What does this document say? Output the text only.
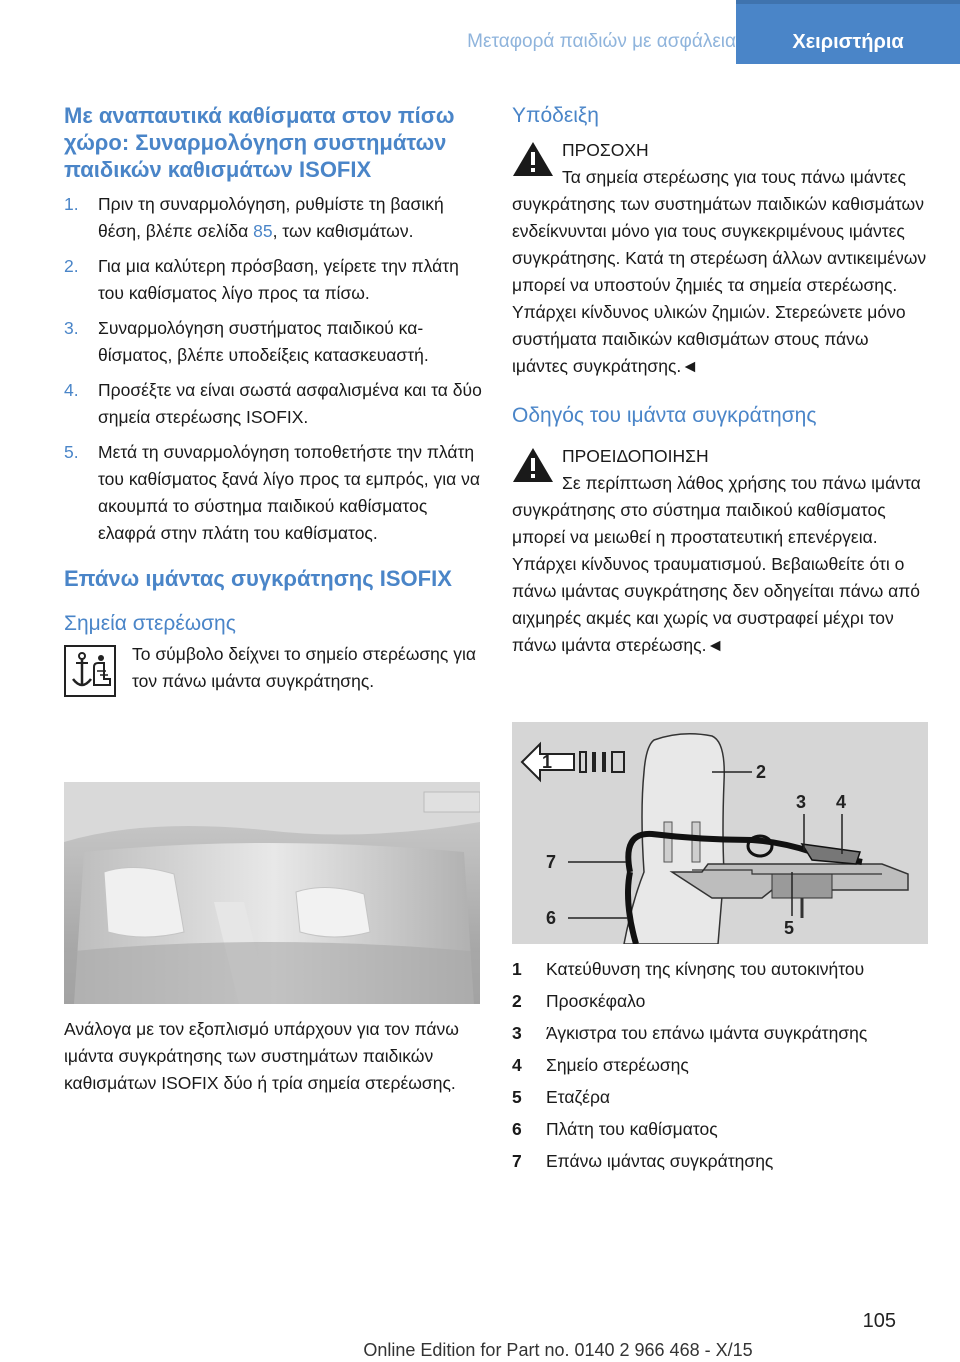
Μεταφορά παιδιών με ασφάλεια	Χειριστήρια
Με αναπαυτικά καθίσματα στον πίσω χώρο: Συναρμολόγηση συστημάτων παιδικών καθισμάτων ISOFIX
1. Πριν τη συναρμολόγηση, ρυθμίστε τη βασική θέση, βλέπε σελίδα 85, των καθισμάτων.
2. Για μια καλύτερη πρόσβαση, γείρετε την πλάτη του καθίσματος λίγο προς τα πίσω.
3. Συναρμολόγηση συστήματος παιδικού καθίσματος, βλέπε υποδείξεις κατασκευαστή.
4. Προσέξτε να είναι σωστά ασφαλισμένα και τα δύο σημεία στερέωσης ISOFIX.
5. Μετά τη συναρμολόγηση τοποθετήστε την πλάτη του καθίσματος ξανά λίγο προς τα εμπρός, για να ακουμπά το σύστημα παιδικού καθίσματος ελαφρά στην πλάτη του καθίσματος.
Επάνω ιμάντας συγκράτησης ISOFIX
Σημεία στερέωσης
Το σύμβολο δείχνει το σημείο στερέωσης για τον πάνω ιμάντα συγκράτησης.

Ανάλογα με τον εξοπλισμό υπάρχουν για τον πάνω ιμάντα συγκράτησης των συστημάτων παιδικών καθισμάτων ISOFIX δύο ή τρία σημεία στερέωσης.

Υπόδειξη
ΠΡΟΣΟΧΗ
Τα σημεία στερέωσης για τους πάνω ιμάντες συγκράτησης των συστημάτων παιδικών καθισμάτων ενδείκνυνται μόνο για τους συγκεκριμένους ιμάντες συγκράτησης. Κατά τη στερέωση άλλων αντικειμένων μπορεί να υποστούν ζημιές τα σημεία στερέωσης. Υπάρχει κίνδυνος υλικών ζημιών. Στερεώνετε μόνο συστήματα παιδικών καθισμάτων στους πάνω ιμάντες συγκράτησης.◄
Οδηγός του ιμάντα συγκράτησης
ΠΡΟΕΙΔΟΠΟΙΗΣΗ
Σε περίπτωση λάθος χρήσης του πάνω ιμάντα συγκράτησης στο σύστημα παιδικού καθίσματος μπορεί να μειωθεί η προστατευτική επενέργεια. Υπάρχει κίνδυνος τραυματισμού. Βεβαιωθείτε ότι ο πάνω ιμάντας συγκράτησης δεν οδηγείται πάνω από αιχμηρές ακμές και χωρίς να συστραφεί μέχρι τον πάνω ιμάντα στερέωσης.◄
1	2
3 4
5
6
7
1 Κατεύθυνση της κίνησης του αυτοκινήτου
2 Προσκέφαλο
3 Άγκιστρα του επάνω ιμάντα συγκράτησης
4 Σημείο στερέωσης
5 Εταζέρα
6 Πλάτη του καθίσματος
7 Επάνω ιμάντας συγκράτησης
105
Online Edition for Part no. 0140 2 966 468 - X/15
